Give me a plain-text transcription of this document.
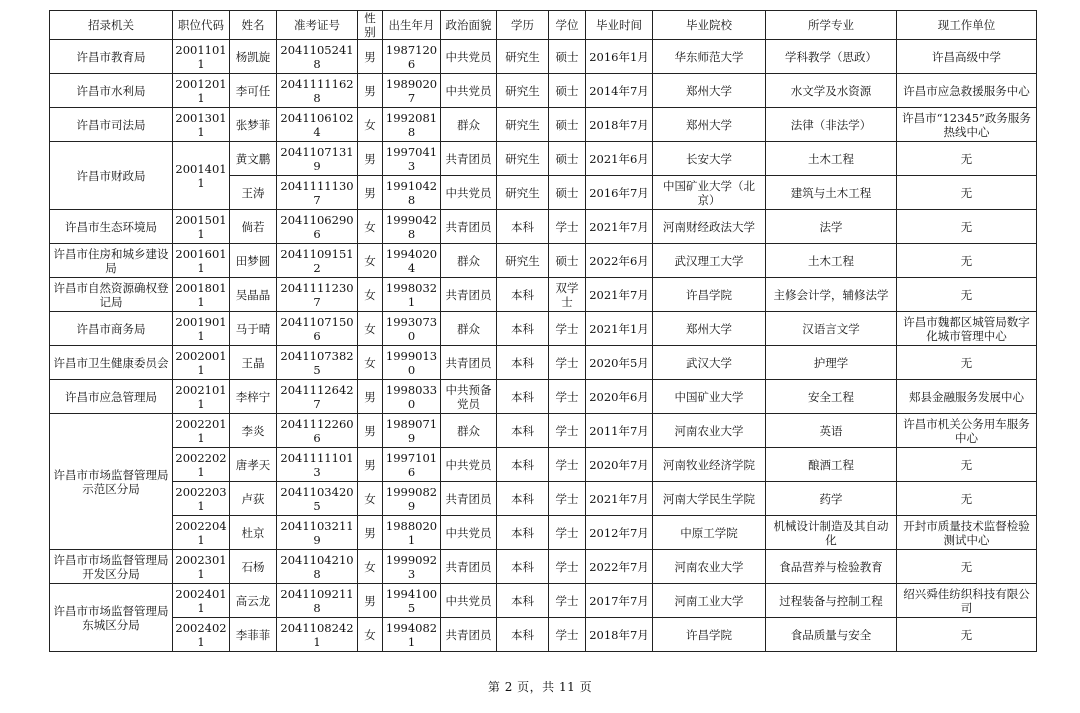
招录机关	职位代码	姓名	准考证号	性别	出生年月	政治面貌	学历	学位	毕业时间	毕业院校	所学专业	现工作单位
许昌市教育局	20011011	杨凯旋	20411052418	男	19871206	中共党员	研究生	硕士	2016年1月	华东师范大学	学科教学（思政）	许昌高级中学
许昌市水利局	20012011	李可任	20411111628	男	19890207	中共党员	研究生	硕士	2014年7月	郑州大学	水文学及水资源	许昌市应急救援服务中心
许昌市司法局	20013011	张梦菲	20411061024	女	19920818	群众	研究生	硕士	2018年7月	郑州大学	法律（非法学）	许昌市“12345”政务服务热线中心
许昌市财政局	20014011	黄文鹏	20411071319	男	19970413	共青团员	研究生	硕士	2021年6月	长安大学	土木工程	无
		王涛	20411111307	男	19910428	中共党员	研究生	硕士	2016年7月	中国矿业大学（北京）	建筑与土木工程	无
许昌市生态环境局	20015011	倘若	20411062906	女	19990428	共青团员	本科	学士	2021年7月	河南财经政法大学	法学	无
许昌市住房和城乡建设局	20016011	田梦圆	20411091512	女	19940204	群众	研究生	硕士	2022年6月	武汉理工大学	土木工程	无
许昌市自然资源确权登记局	20018011	吴晶晶	20411112307	女	19980321	共青团员	本科	双学士	2021年7月	许昌学院	主修会计学，辅修法学	无
许昌市商务局	20019011	马于晴	20411071506	女	19930730	群众	本科	学士	2021年1月	郑州大学	汉语言文学	许昌市魏都区城管局数字化城市管理中心
许昌市卫生健康委员会	20020011	王晶	20411073825	女	19990130	共青团员	本科	学士	2020年5月	武汉大学	护理学	无
许昌市应急管理局	20021011	李梓宁	20411126427	男	19980330	中共预备党员	本科	学士	2020年6月	中国矿业大学	安全工程	郏县金融服务发展中心
许昌市市场监督管理局示范区分局	20022011	李炎	20411122606	男	19890719	群众	本科	学士	2011年7月	河南农业大学	英语	许昌市机关公务用车服务中心
	20022021	唐孝天	20411111013	男	19971016	中共党员	本科	学士	2020年7月	河南牧业经济学院	酿酒工程	无
	20022031	卢荻	20411034205	女	19990829	共青团员	本科	学士	2021年7月	河南大学民生学院	药学	无
	20022041	杜京	20411032119	男	19880201	中共党员	本科	学士	2012年7月	中原工学院	机械设计制造及其自动化	开封市质量技术监督检验测试中心
许昌市市场监督管理局开发区分局	20023011	石杨	20411042108	女	19990923	共青团员	本科	学士	2022年7月	河南农业大学	食品营养与检验教育	无
许昌市市场监督管理局东城区分局	20024011	高云龙	20411092118	男	19941005	中共党员	本科	学士	2017年7月	河南工业大学	过程装备与控制工程	绍兴舜佳纺织科技有限公司
	20024021	李菲菲	20411082421	女	19940821	共青团员	本科	学士	2018年7月	许昌学院	食品质量与安全	无
第 2 页，共 11 页
